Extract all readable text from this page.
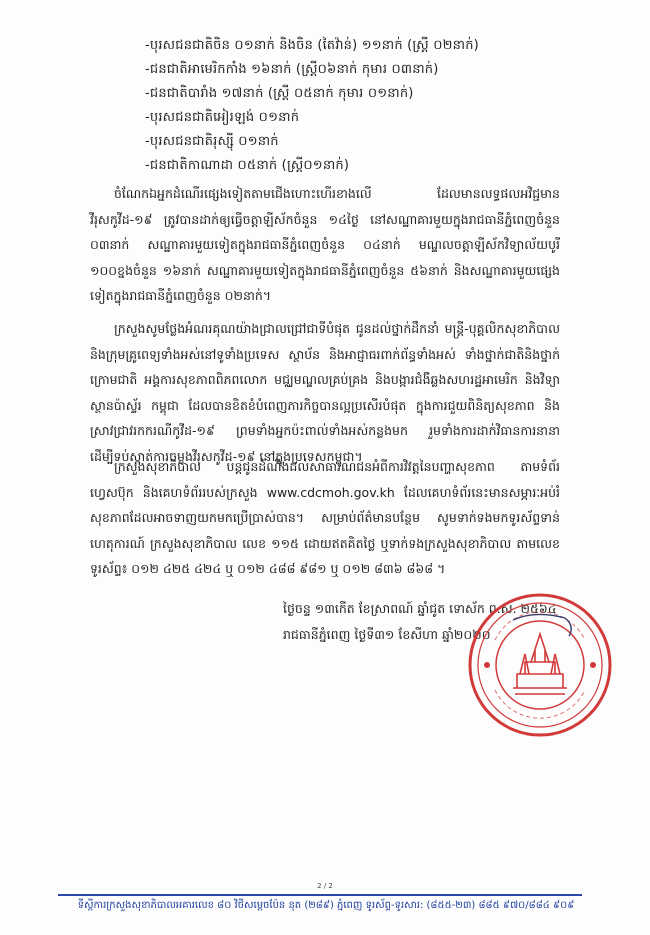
-បុរសជនជាតិចិន ០១នាក់ និងចិន (តៃវ៉ាន់) ១១នាក់ (ស្ត្រី ០២នាក់)
-ជនជាតិអាមេរិកកាំង ១៦នាក់ (ស្ត្រី០៦នាក់ កុមារ ០៣នាក់)
-ជនជាតិបារាំង ១៧នាក់ (ស្ត្រី ០៥នាក់ កុមារ ០១នាក់)
-បុរសជនជាតិអៀរឡង់ ០១នាក់
-បុរសជនជាតិរុស្ស៊ី ០១នាក់
-ជនជាតិកាណាដា ០៥នាក់ (ស្ត្រី០១នាក់)
ចំណែកឯអ្នកដំណើរផ្សេងទៀតតាមជើងហោះហើរខាងលើ ដែលមានលទ្ធផលអវិជ្ជមានវីរុសកូវីដ-១៩ ត្រូវបានដាក់ឲ្យធ្វើចត្តាឡីស័កចំនួន ១៤ថ្ងៃ នៅសណ្ឋាគារមួយក្នុងរាជធានីភ្នំពេញចំនួន ០៣នាក់ សណ្ឋាគារមួយទៀតក្នុងរាជធានីភ្នំពេញចំនួន ០៤នាក់ មណ្ឌលចត្តាឡីស័កវិទ្យាល័យបូរី ១០០ខ្នងចំនួន ១៦នាក់ សណ្ឋាគារមួយទៀតក្នុងរាជធានីភ្នំពេញចំនួន ៥៦នាក់ និងសណ្ឋាគារមួយផ្សេងទៀតក្នុងរាជធានីភ្នំពេញចំនួន ០២នាក់។
ក្រសួងសូមថ្លែងអំណរគុណយ៉ាងជ្រាលជ្រៅជាទីបំផុត ជូនដល់ថ្នាក់ដឹកនាំ មន្ត្រី-បុគ្គលិកសុខាភិបាល និងក្រុមគ្រូពេទ្យទាំងអស់នៅទូទាំងប្រទេស ស្ថាប័ន និងអាជ្ញាធរពាក់ព័ន្ធទាំងអស់ ទាំងថ្នាក់ជាតិនិងថ្នាក់ក្រោមជាតិ អង្គការសុខភាពពិភពលោក មជ្ឈមណ្ឌលគ្រប់គ្រង និងបង្ការជំងឺឆ្លងសហរដ្ឋអាមេរិក និងវិទ្យាស្ថានប៉ាស្ទ័រ កម្ពុជា ដែលបានខិតខំបំពេញភារកិច្ចបានល្អប្រសើរបំផុត ក្នុងការជួយពិនិត្យសុខភាព និងស្រាវជ្រាវរកករណីកូវីដ-១៩ ព្រមទាំងអ្នកប៉ះពាល់ទាំងអស់កន្លងមក រួមទាំងការដាក់វិធានការនានាដើម្បីទប់ស្កាត់ការចម្លងវីរុសកូវីដ-១៩ នៅក្នុងប្រទេសកម្ពុជា។
ក្រសួងសុខាភិបាល បន្តជូនដំណឹងដល់សាធារណជនអំពីការវិវត្តនៃបញ្ហាសុខភាព តាមទំព័រហ្វេសប៊ុក និងគេហទំព័ររបស់ក្រសួង www.cdcmoh.gov.kh ដែលគេហទំព័រនេះមានសម្ភារៈអប់រំសុខភាពដែលអាចទាញយកមកប្រើប្រាស់បាន។ សម្រាប់ព័ត៌មានបន្ថែម សូមទាក់ទងមកទូរស័ព្ទទាន់ហេតុការណ៍ ក្រសួងសុខាភិបាល លេខ ១១៥ ដោយឥតគិតថ្លៃ ឬទាក់ទងក្រសួងសុខាភិបាល តាមលេខទូរស័ព្ទ៖ ០១២ ៤២៥ ៤២៤ ឬ ០១២ ៤៨៨ ៩៨១ ឬ ០១២ ៨៣៦ ៨៦៨ ។
ថ្ងៃចន្ទ ១៣កើត ខែស្រាពណ៍ ឆ្នាំជូត ទោស័ក ព.ស. ២៥៦៤
រាជធានីភ្នំពេញ ថ្ងៃទី៣១ ខែសីហា ឆ្នាំ២០២០
2 / 2
ទីស្តីការក្រសួងសុខាភិបាលអគារលេខ ៨០ វិថីសម្តេចប៉ែន នុត (២៨៩) ភ្នំពេញ ទូរស័ព្ទ-ទូរសារ: (៨៥៥-២៣) ៨៨៥ ៩៧០/៨៨៤ ៩០៩
